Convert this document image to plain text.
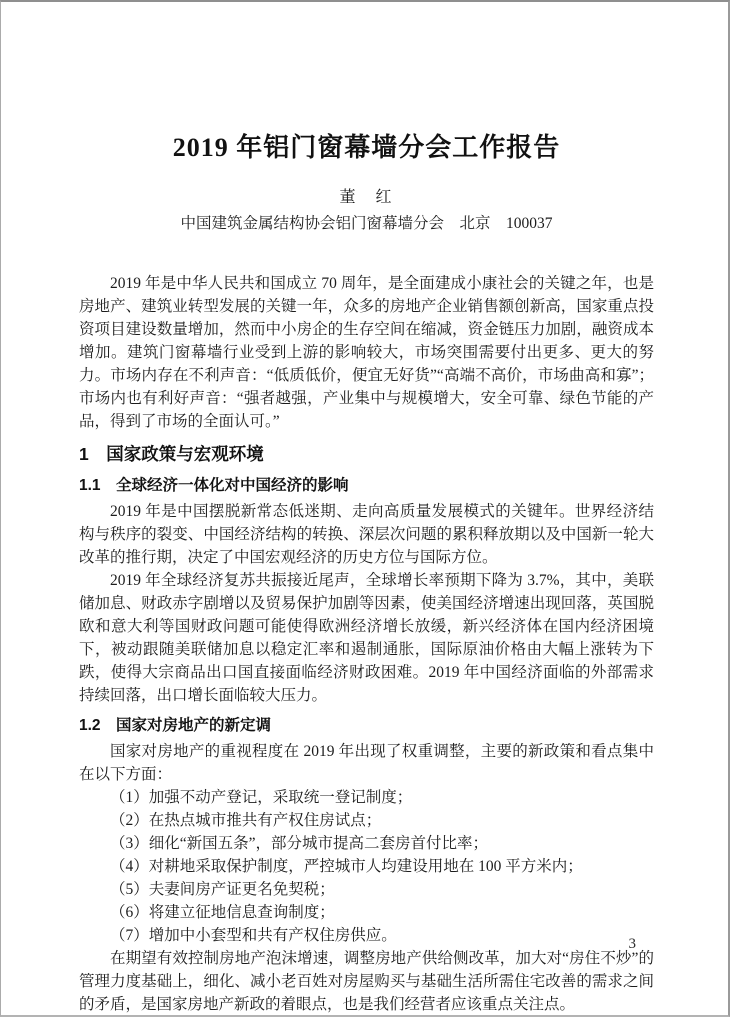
2019 年铝门窗幕墙分会工作报告
董　红
中国建筑金属结构协会铝门窗幕墙分会　北京　100037

2019 年是中华人民共和国成立 70 周年，是全面建成小康社会的关键之年，也是房地产、建筑业转型发展的关键一年，众多的房地产企业销售额创新高，国家重点投资项目建设数量增加，然而中小房企的生存空间在缩减，资金链压力加剧，融资成本增加。建筑门窗幕墙行业受到上游的影响较大，市场突围需要付出更多、更大的努力。市场内存在不利声音：“低质低价，便宜无好货”“高端不高价，市场曲高和寡”；市场内也有利好声音：“强者越强，产业集中与规模增大，安全可靠、绿色节能的产品，得到了市场的全面认可。”

1　国家政策与宏观环境
1.1　全球经济一体化对中国经济的影响

2019 年是中国摆脱新常态低迷期、走向高质量发展模式的关键年。世界经济结构与秩序的裂变、中国经济结构的转换、深层次问题的累积释放期以及中国新一轮大改革的推行期，决定了中国宏观经济的历史方位与国际方位。

2019 年全球经济复苏共振接近尾声，全球增长率预期下降为 3.7%，其中，美联储加息、财政赤字剧增以及贸易保护加剧等因素，使美国经济增速出现回落，英国脱欧和意大利等国财政问题可能使得欧洲经济增长放缓，新兴经济体在国内经济困境下，被动跟随美联储加息以稳定汇率和遏制通胀，国际原油价格由大幅上涨转为下跌，使得大宗商品出口国直接面临经济财政困难。2019 年中国经济面临的外部需求持续回落，出口增长面临较大压力。

1.2　国家对房地产的新定调

国家对房地产的重视程度在 2019 年出现了权重调整，主要的新政策和看点集中在以下方面：

（1）加强不动产登记，采取统一登记制度；

（2）在热点城市推共有产权住房试点；

（3）细化“新国五条”，部分城市提高二套房首付比率；

（4）对耕地采取保护制度，严控城市人均建设用地在 100 平方米内；

（5）夫妻间房产证更名免契税；

（6）将建立征地信息查询制度；

（7）增加中小套型和共有产权住房供应。

在期望有效控制房地产泡沫增速，调整房地产供给侧改革，加大对“房住不炒”的管理力度基础上，细化、减小老百姓对房屋购买与基础生活所需住宅改善的需求之间的矛盾，是国家房地产新政的着眼点，也是我们经营者应该重点关注点。

3
